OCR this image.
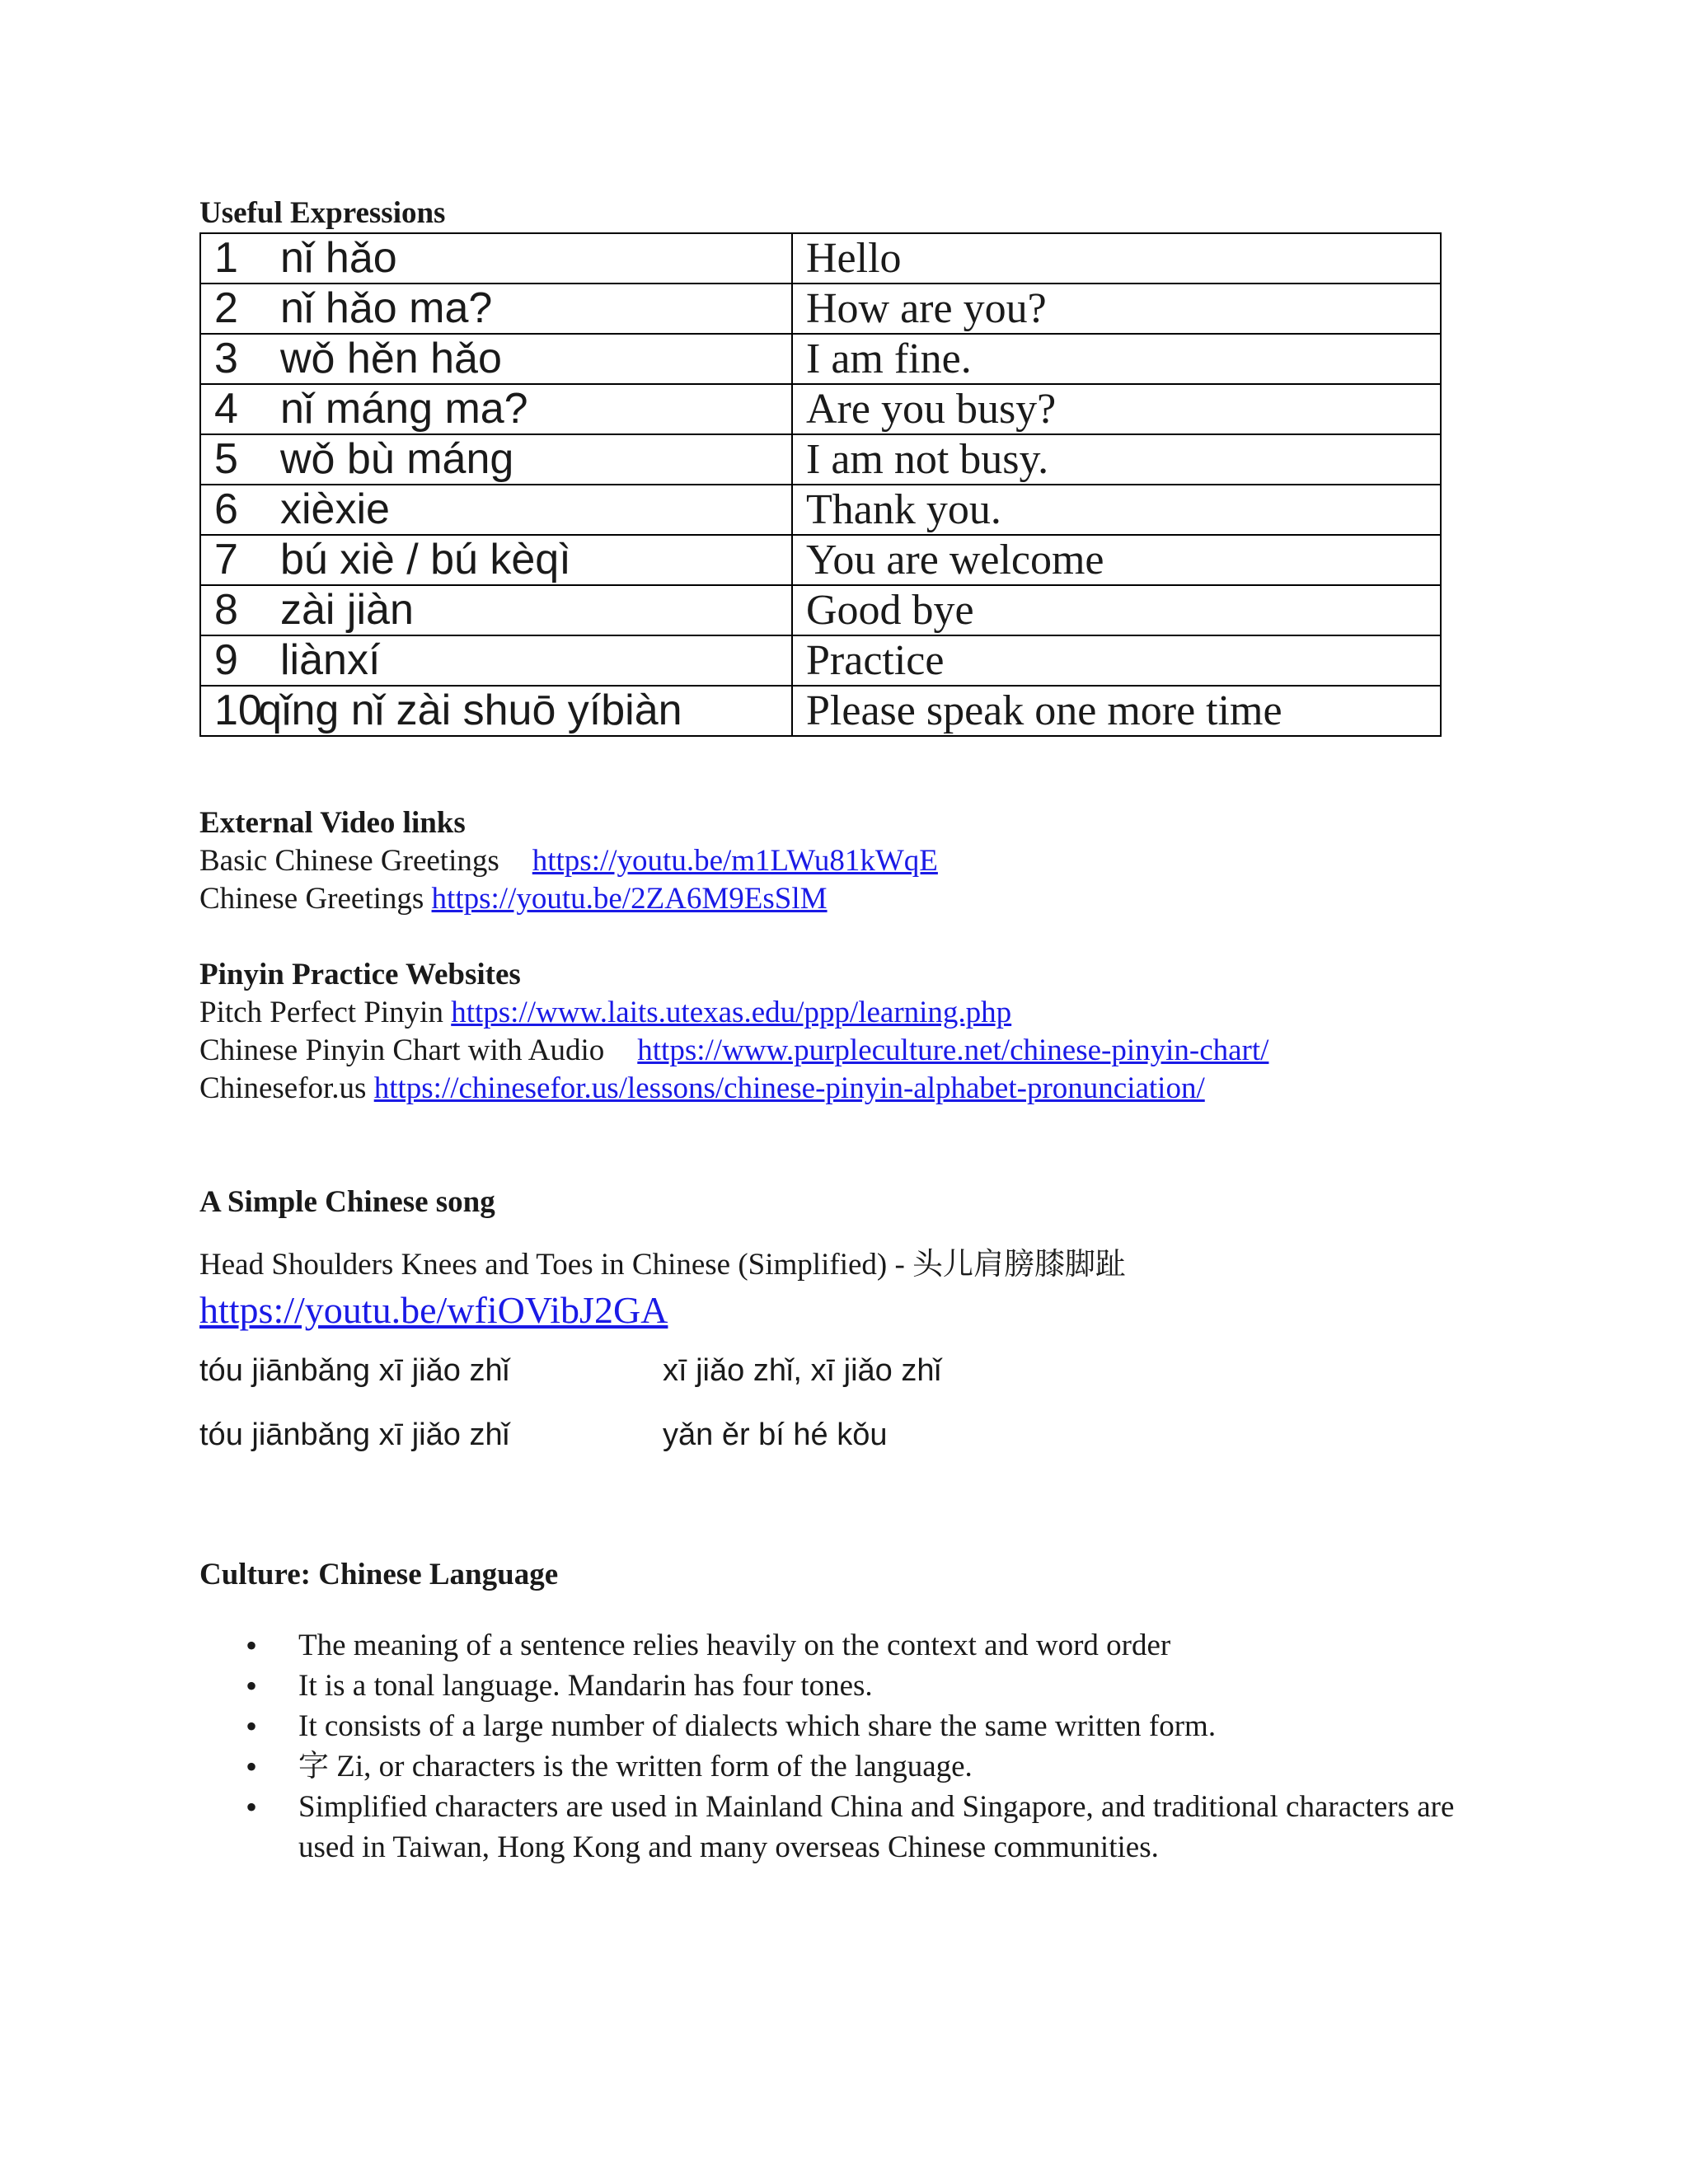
Useful Expressions

1 nǐ hǎo	Hello
2 nǐ hǎo ma?	How are you?
3 wǒ hěn hǎo	I am fine.
4 nǐ máng ma?	Are you busy?
5 wǒ bù máng	I am not busy.
6 xièxie	Thank you.
7 bú xiè / bú kèqì	You are welcome
8 zài jiàn	Good bye
9 liànxí	Practice
10qǐng nǐ zài shuō yíbiàn	Please speak one more time

External Video links

Basic Chinese Greetings https://youtu.be/m1LWu81kWqE
Chinese Greetings https://youtu.be/2ZA6M9EsSlM

Pinyin Practice Websites

Pitch Perfect Pinyin https://www.laits.utexas.edu/ppp/learning.php
Chinese Pinyin Chart with Audio https://www.purpleculture.net/chinese-pinyin-chart/
Chinesefor.us https://chinesefor.us/lessons/chinese-pinyin-alphabet-pronunciation/

A Simple Chinese song

Head Shoulders Knees and Toes in Chinese (Simplified) - 头儿肩膀膝脚趾
https://youtu.be/wfiOVibJ2GA
tóu jiānbǎng xī jiǎo zhǐ	xī jiǎo zhǐ, xī jiǎo zhǐ
tóu jiānbǎng xī jiǎo zhǐ	yǎn ěr bí hé kǒu

Culture: Chinese Language

• The meaning of a sentence relies heavily on the context and word order
• It is a tonal language. Mandarin has four tones.
• It consists of a large number of dialects which share the same written form.
• 字 Zi, or characters is the written form of the language.
• Simplified characters are used in Mainland China and Singapore, and traditional characters are used in Taiwan, Hong Kong and many overseas Chinese communities.
